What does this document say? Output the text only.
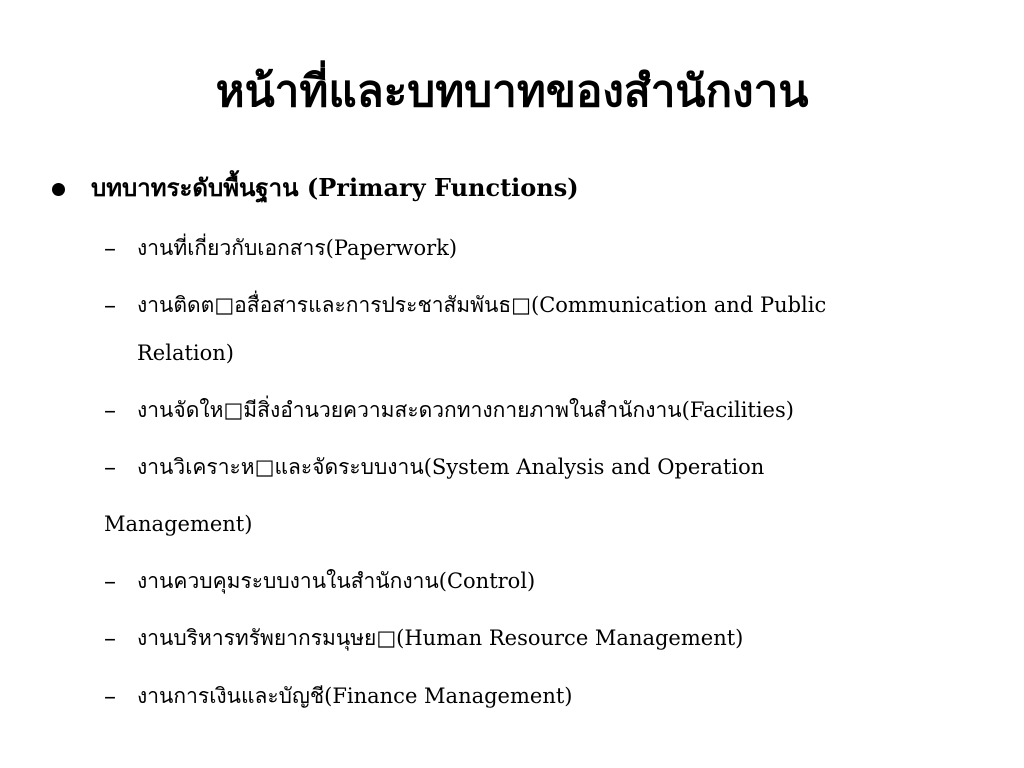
หน้าที่และบทบาทของสำนักงาน
บทบาทระดับพื้นฐาน (Primary Functions)
–	งานที่เกี่ยวกับเอกสาร(Paperwork)
–	งานติดต□อสื่อสารและการประชาสัมพันธ□(Communication and Public
Relation)
–	งานจัดให□มีสิ่งอำนวยความสะดวกทางกายภาพในสำนักงาน(Facilities)
–	งานวิเคราะห□และจัดระบบงาน(System Analysis and Operation
Management)
–	งานควบคุมระบบงานในสำนักงาน(Control)
–	งานบริหารทรัพยากรมนุษย□(Human Resource Management)
–	งานการเงินและบัญชี(Finance Management)
